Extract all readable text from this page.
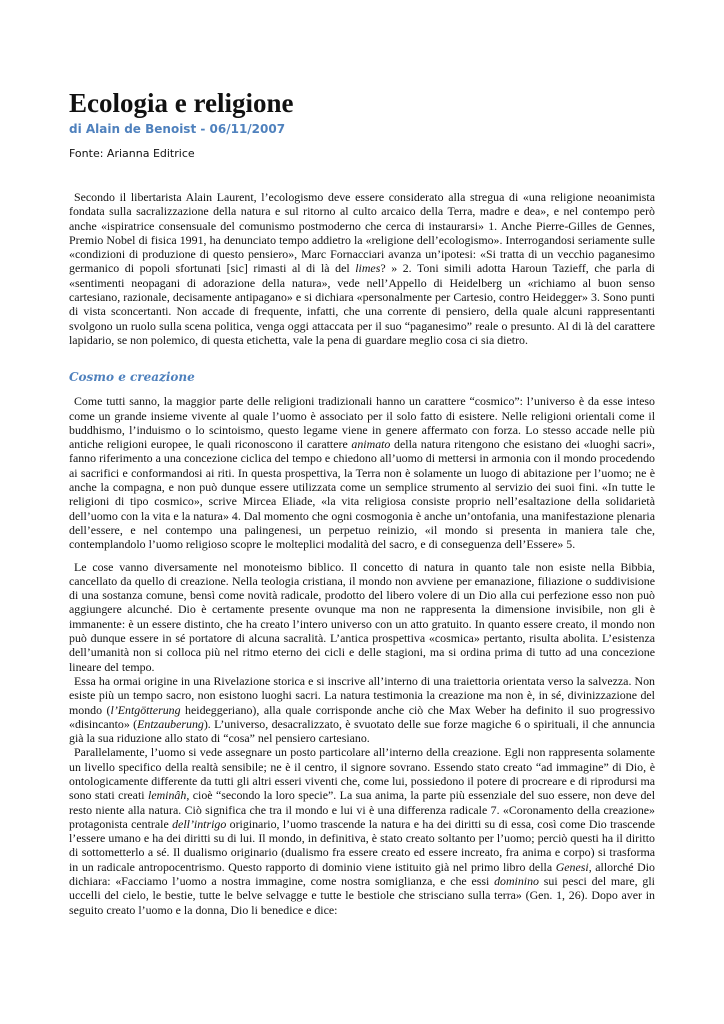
Ecologia e religione
di Alain de Benoist - 06/11/2007
Fonte: Arianna Editrice

Secondo il libertarista Alain Laurent, l’ecologismo deve essere considerato alla stregua di «una religione neoanimista fondata sulla sacralizzazione della natura e sul ritorno al culto arcaico della Terra, madre e dea», e nel contempo però anche «ispiratrice consensuale del comunismo postmoderno che cerca di instaurarsi» 1. Anche Pierre-Gilles de Gennes, Premio Nobel di fisica 1991, ha denunciato tempo addietro la «religione dell’ecologismo». Interrogandosi seriamente sulle «condizioni di produzione di questo pensiero», Marc Fornacciari avanza un’ipotesi: «Si tratta di un vecchio paganesimo germanico di popoli sfortunati [sic] rimasti al di là del limes? » 2. Toni simili adotta Haroun Tazieff, che parla di «sentimenti neopagani di adorazione della natura», vede nell’Appello di Heidelberg un «richiamo al buon senso cartesiano, razionale, decisamente antipagano» e si dichiara «personalmente per Cartesio, contro Heidegger» 3. Sono punti di vista sconcertanti. Non accade di frequente, infatti, che una corrente di pensiero, della quale alcuni rappresentanti svolgono un ruolo sulla scena politica, venga oggi attaccata per il suo “paganesimo” reale o presunto. Al di là del carattere lapidario, se non polemico, di questa etichetta, vale la pena di guardare meglio cosa ci sia dietro.

Cosmo e creazione

Come tutti sanno, la maggior parte delle religioni tradizionali hanno un carattere “cosmico”: l’universo è da esse inteso come un grande insieme vivente al quale l’uomo è associato per il solo fatto di esistere. Nelle religioni orientali come il buddhismo, l’induismo o lo scintoismo, questo legame viene in genere affermato con forza. Lo stesso accade nelle più antiche religioni europee, le quali riconoscono il carattere animato della natura ritengono che esistano dei «luoghi sacri», fanno riferimento a una concezione ciclica del tempo e chiedono all’uomo di mettersi in armonia con il mondo procedendo ai sacrifici e conformandosi ai riti. In questa prospettiva, la Terra non è solamente un luogo di abitazione per l’uomo; ne è anche la compagna, e non può dunque essere utilizzata come un semplice strumento al servizio dei suoi fini. «In tutte le religioni di tipo cosmico», scrive Mircea Eliade, «la vita religiosa consiste proprio nell’esaltazione della solidarietà dell’uomo con la vita e la natura» 4. Dal momento che ogni cosmogonia è anche un’ontofania, una manifestazione plenaria dell’essere, e nel contempo una palingenesi, un perpetuo reinizio, «il mondo si presenta in maniera tale che, contemplandolo l’uomo religioso scopre le molteplici modalità del sacro, e di conseguenza dell’Essere» 5.

Le cose vanno diversamente nel monoteismo biblico. Il concetto di natura in quanto tale non esiste nella Bibbia, cancellato da quello di creazione. Nella teologia cristiana, il mondo non avviene per emanazione, filiazione o suddivisione di una sostanza comune, bensì come novità radicale, prodotto del libero volere di un Dio alla cui perfezione esso non può aggiungere alcunché. Dio è certamente presente ovunque ma non ne rappresenta la dimensione invisibile, non gli è immanente: è un essere distinto, che ha creato l’intero universo con un atto gratuito. In quanto essere creato, il mondo non può dunque essere in sé portatore di alcuna sacralità. L’antica prospettiva «cosmica» pertanto, risulta abolita. L’esistenza dell’umanità non si colloca più nel ritmo eterno dei cicli e delle stagioni, ma si ordina prima di tutto ad una concezione lineare del tempo.

Essa ha ormai origine in una Rivelazione storica e si inscrive all’interno di una traiettoria orientata verso la salvezza. Non esiste più un tempo sacro, non esistono luoghi sacri. La natura testimonia la creazione ma non è, in sé, divinizzazione del mondo (l’Entgötterung heideggeriano), alla quale corrisponde anche ciò che Max Weber ha definito il suo progressivo «disincanto» (Entzauberung). L’universo, desacralizzato, è svuotato delle sue forze magiche 6 o spirituali, il che annuncia già la sua riduzione allo stato di “cosa” nel pensiero cartesiano.

Parallelamente, l’uomo si vede assegnare un posto particolare all’interno della creazione. Egli non rappresenta solamente un livello specifico della realtà sensibile; ne è il centro, il signore sovrano. Essendo stato creato “ad immagine” di Dio, è ontologicamente differente da tutti gli altri esseri viventi che, come lui, possiedono il potere di procreare e di riprodursi ma sono stati creati leminâh, cioè “secondo la loro specie”. La sua anima, la parte più essenziale del suo essere, non deve del resto niente alla natura. Ciò significa che tra il mondo e lui vi è una differenza radicale 7. «Coronamento della creazione» protagonista centrale dell’intrigo originario, l’uomo trascende la natura e ha dei diritti su di essa, così come Dio trascende l’essere umano e ha dei diritti su di lui. Il mondo, in definitiva, è stato creato soltanto per l’uomo; perciò questi ha il diritto di sottometterlo a sé. Il dualismo originario (dualismo fra essere creato ed essere increato, fra anima e corpo) si trasforma in un radicale antropocentrismo. Questo rapporto di dominio viene istituito già nel primo libro della Genesi, allorché Dio dichiara: «Facciamo l’uomo a nostra immagine, come nostra somiglianza, e che essi dominino sui pesci del mare, gli uccelli del cielo, le bestie, tutte le belve selvagge e tutte le bestiole che strisciano sulla terra» (Gen. 1, 26). Dopo aver in seguito creato l’uomo e la donna, Dio li benedice e dice:
